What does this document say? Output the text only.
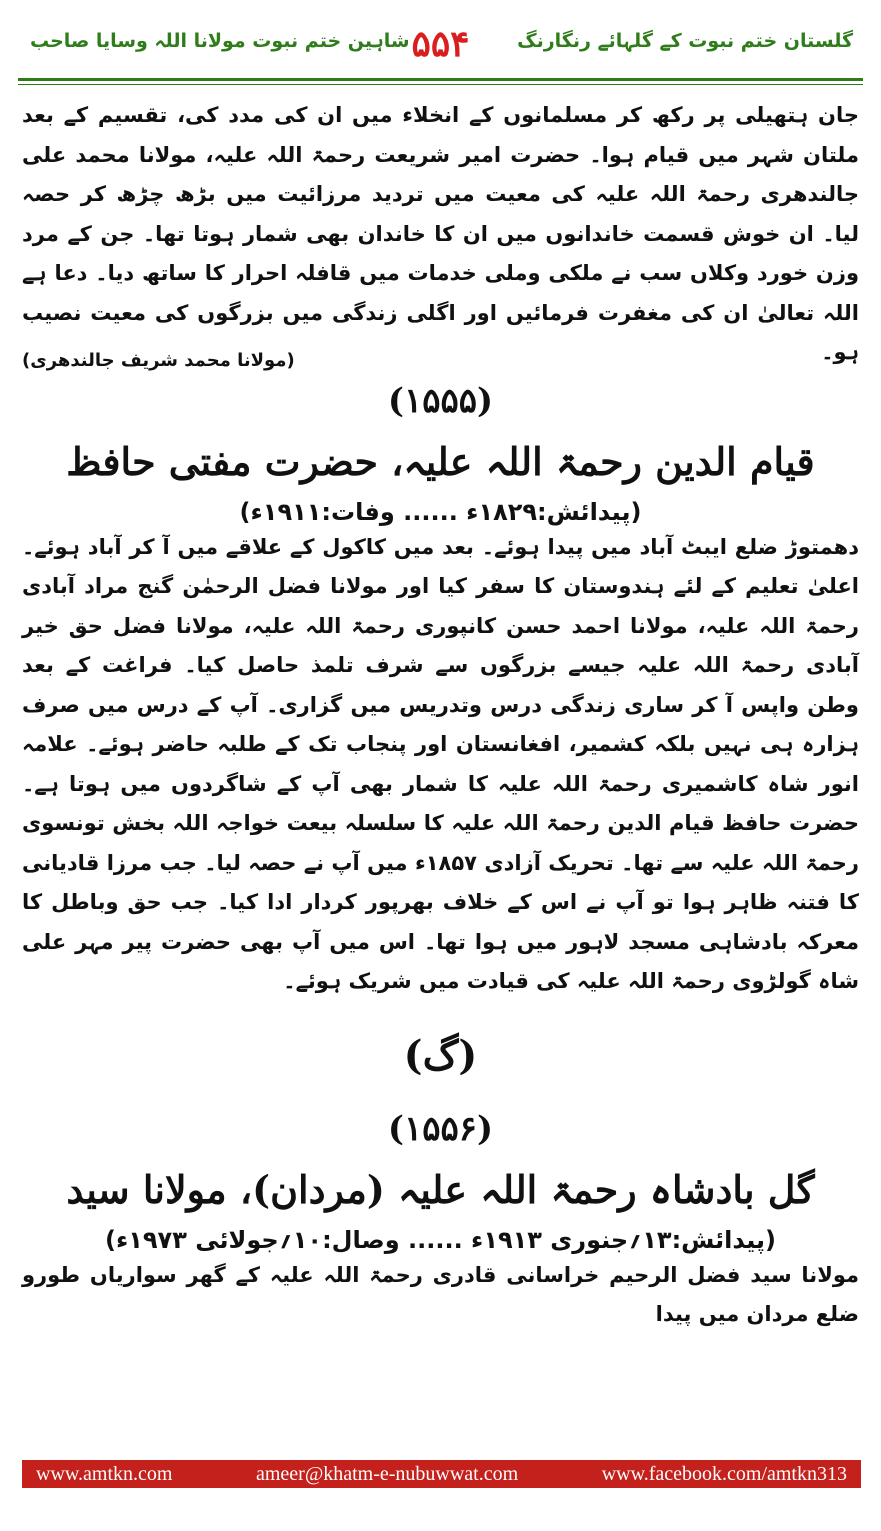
گلستان ختم نبوت کے گلہائے رنگارنگ
۵۵۴
شاہین ختم نبوت مولانا اللہ وسایا صاحب

جان ہتھیلی پر رکھ کر مسلمانوں کے انخلاء میں ان کی مدد کی، تقسیم کے بعد ملتان شہر میں قیام ہوا۔ حضرت امیر شریعت رحمۃ اللہ علیہ، مولانا محمد علی جالندھری رحمۃ اللہ علیہ کی معیت میں تردید مرزائیت میں بڑھ چڑھ کر حصہ لیا۔ ان خوش قسمت خاندانوں میں ان کا خاندان بھی شمار ہوتا تھا۔ جن کے مرد وزن خورد وکلاں سب نے ملکی وملی خدمات میں قافلہ احرار کا ساتھ دیا۔ دعا ہے اللہ تعالیٰ ان کی مغفرت فرمائیں اور اگلی زندگی میں بزرگوں کی معیت نصیب ہو۔

(مولانا محمد شریف جالندھری)
(۱۵۵۵)
قیام الدین رحمۃ اللہ علیہ، حضرت مفتی حافظ
(پیدائش:۱۸۲۹ء ...... وفات:۱۹۱۱ء)

دھمتوڑ ضلع ایبٹ آباد میں پیدا ہوئے۔ بعد میں کاکول کے علاقے میں آ کر آباد ہوئے۔ اعلیٰ تعلیم کے لئے ہندوستان کا سفر کیا اور مولانا فضل الرحمٰن گنج مراد آبادی رحمۃ اللہ علیہ، مولانا احمد حسن کانپوری رحمۃ اللہ علیہ، مولانا فضل حق خیر آبادی رحمۃ اللہ علیہ جیسے بزرگوں سے شرف تلمذ حاصل کیا۔ فراغت کے بعد وطن واپس آ کر ساری زندگی درس وتدریس میں گزاری۔ آپ کے درس میں صرف ہزارہ ہی نہیں بلکہ کشمیر، افغانستان اور پنجاب تک کے طلبہ حاضر ہوئے۔ علامہ انور شاہ کاشمیری رحمۃ اللہ علیہ کا شمار بھی آپ کے شاگردوں میں ہوتا ہے۔ حضرت حافظ قیام الدین رحمۃ اللہ علیہ کا سلسلہ بیعت خواجہ اللہ بخش تونسوی رحمۃ اللہ علیہ سے تھا۔ تحریک آزادی ۱۸۵۷ء میں آپ نے حصہ لیا۔ جب مرزا قادیانی کا فتنہ ظاہر ہوا تو آپ نے اس کے خلاف بھرپور کردار ادا کیا۔ جب حق وباطل کا معرکہ بادشاہی مسجد لاہور میں ہوا تھا۔ اس میں آپ بھی حضرت پیر مہر علی شاہ گولڑوی رحمۃ اللہ علیہ کی قیادت میں شریک ہوئے۔

(گ)
(۱۵۵۶)
گل بادشاہ رحمۃ اللہ علیہ (مردان)، مولانا سید
(پیدائش:۱۳؍جنوری ۱۹۱۳ء ...... وصال:۱۰؍جولائی ۱۹۷۳ء)

مولانا سید فضل الرحیم خراسانی قادری رحمۃ اللہ علیہ کے گھر سواریاں طورو ضلع مردان میں پیدا

www.amtkn.com	ameer@khatm-e-nubuwwat.com	www.facebook.com/amtkn313
